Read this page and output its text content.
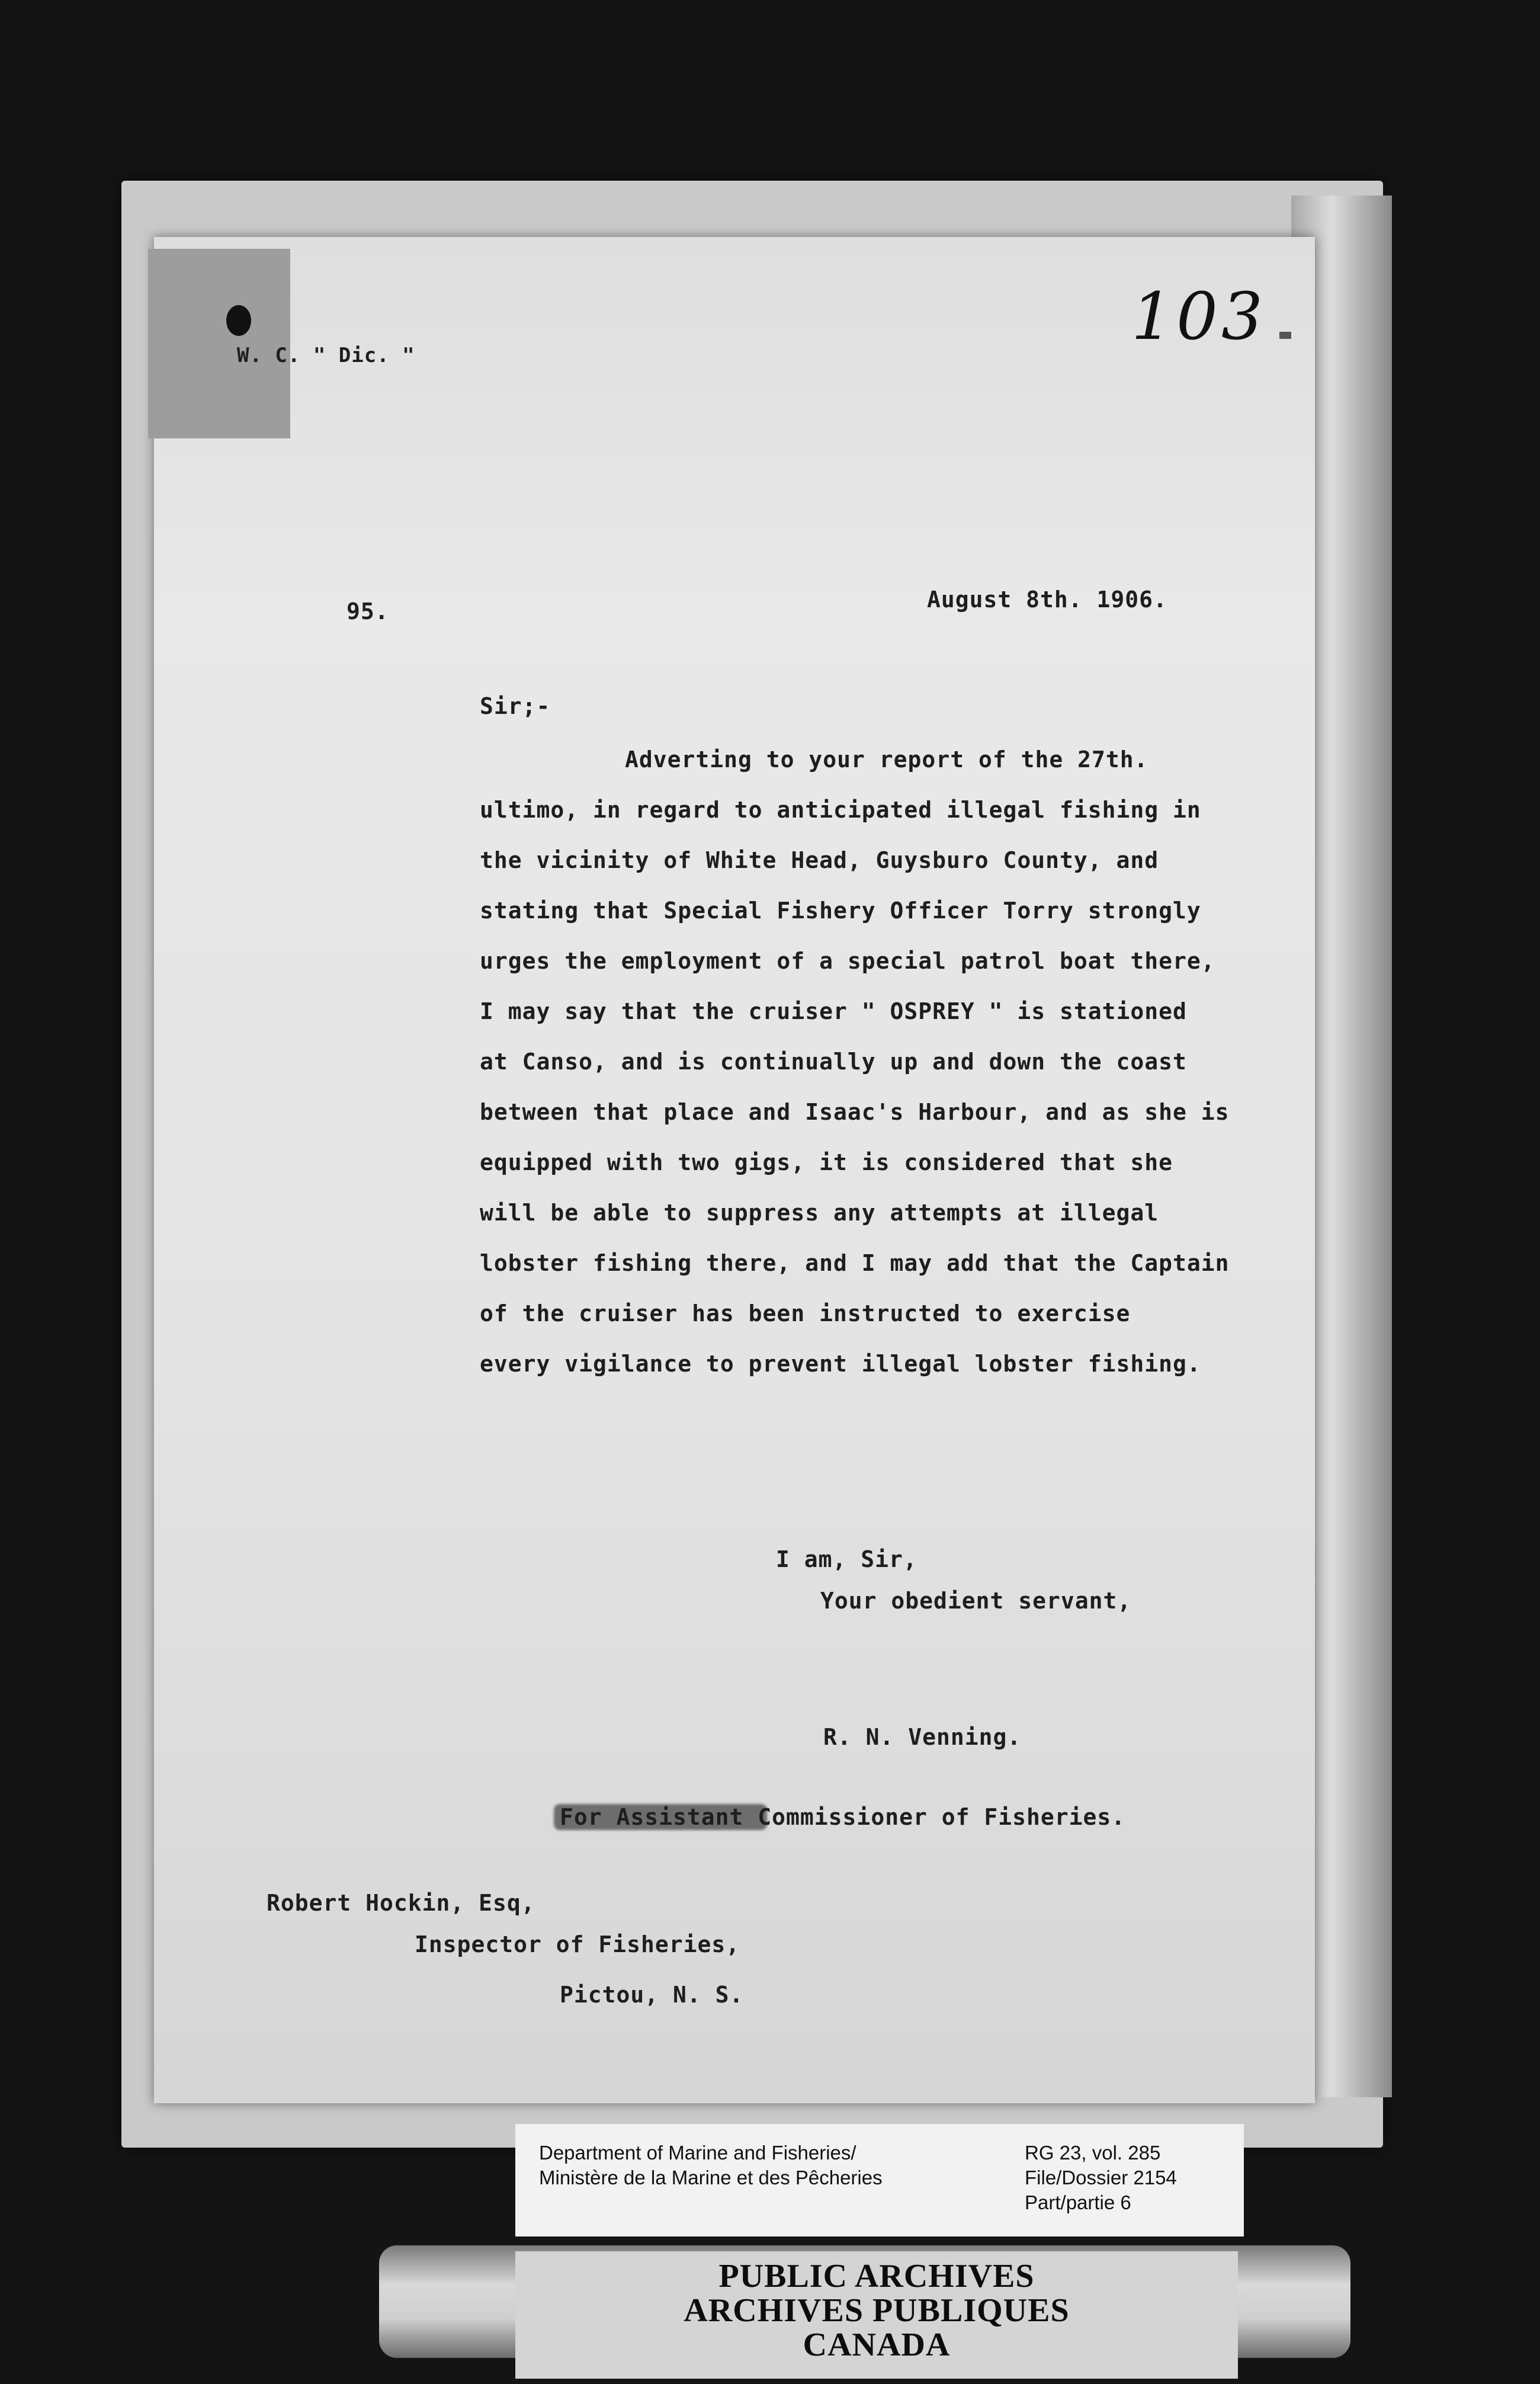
W. C. " Dic. "
103
95.	August 8th. 1906.
Sir;-
Adverting to your report of the 27th.
ultimo, in regard to anticipated illegal fishing in
the vicinity of White Head, Guysburo County, and
stating that Special Fishery Officer Torry strongly
urges the employment of a special patrol boat there,
I may say that the cruiser " OSPREY " is stationed
at Canso, and is continually up and down the coast
between that place and Isaac's Harbour, and as she is
equipped with two gigs, it is considered that she
will be able to suppress any attempts at illegal
lobster fishing there, and I may add that the Captain
of the cruiser has been instructed to exercise
every vigilance to prevent illegal lobster fishing.
I am, Sir,
Your obedient servant,
R. N. Venning.
For Assistant Commissioner of Fisheries.
Robert Hockin, Esq,
Inspector of Fisheries,
Pictou, N. S.
Department of Marine and Fisheries/
Ministère de la Marine et des Pêcheries
RG 23, vol. 285
File/Dossier 2154
Part/partie 6
PUBLIC ARCHIVES
ARCHIVES PUBLIQUES
CANADA
